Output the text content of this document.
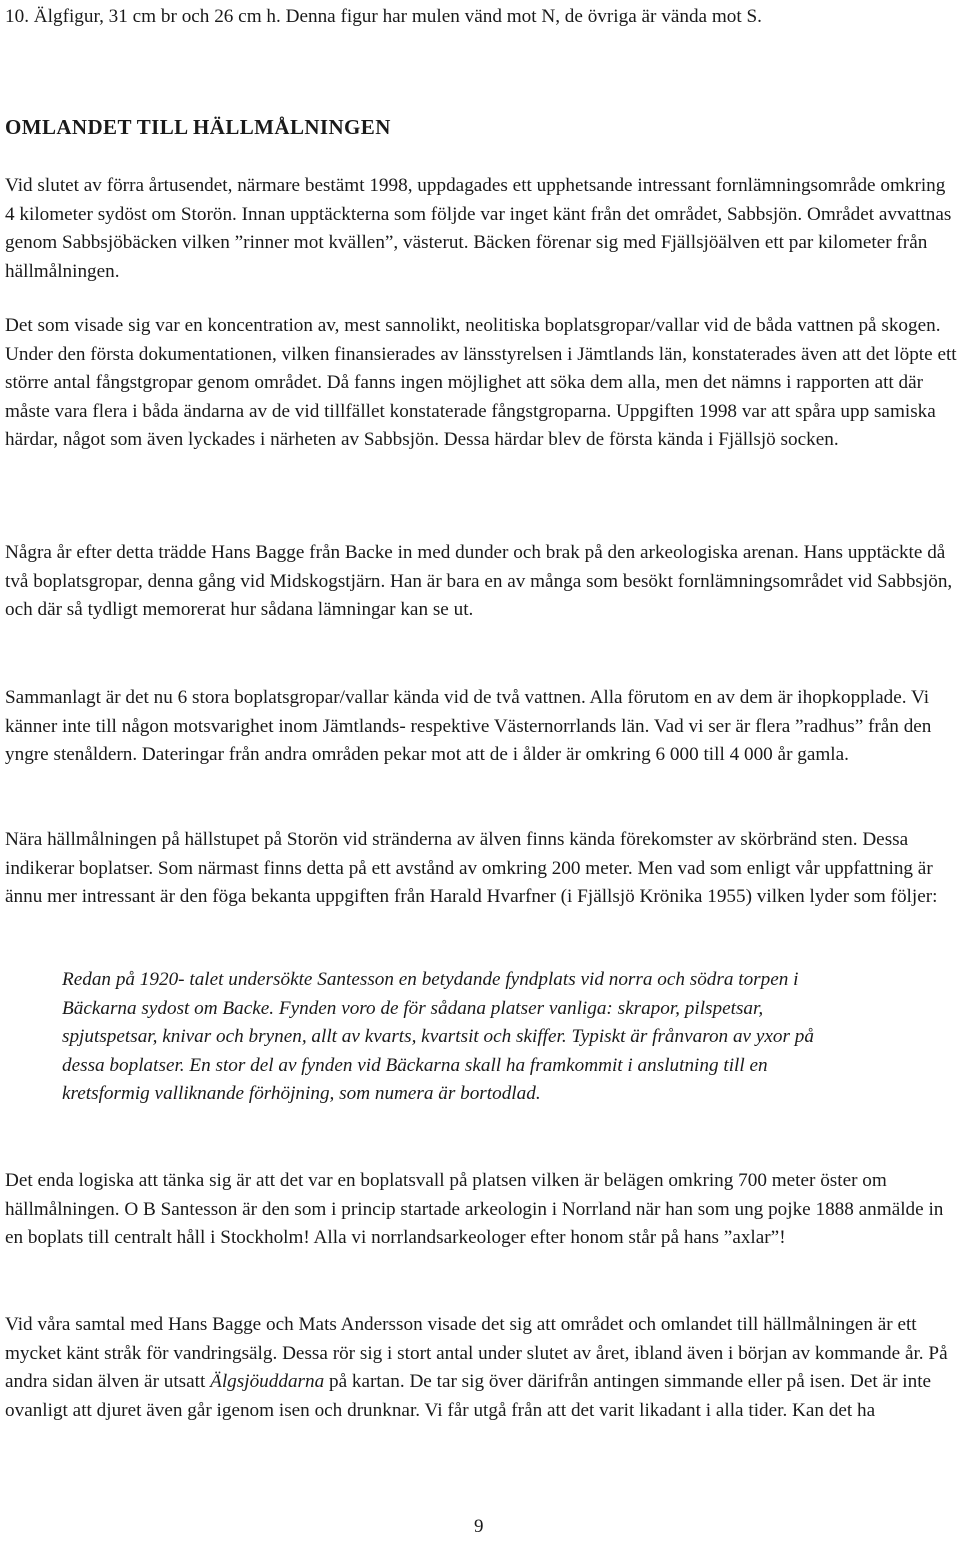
10. Älgfigur, 31 cm br och 26 cm h. Denna figur har mulen vänd mot N, de övriga är vända mot S.

OMLANDET TILL HÄLLMÅLNINGEN

Vid slutet av förra årtusendet, närmare bestämt 1998, uppdagades ett upphetsande intressant fornlämningsområde omkring 4 kilometer sydöst om Storön. Innan upptäckterna som följde var inget känt från det området, Sabbsjön. Området avvattnas genom Sabbsjöbäcken vilken ”rinner mot kvällen”, västerut. Bäcken förenar sig med Fjällsjöälven ett par kilometer från hällmålningen.

Det som visade sig var en koncentration av, mest sannolikt, neolitiska boplatsgropar/vallar vid de båda vattnen på skogen. Under den första dokumentationen, vilken finansierades av länsstyrelsen i Jämtlands län, konstaterades även att det löpte ett större antal fångstgropar genom området. Då fanns ingen möjlighet att söka dem alla, men det nämns i rapporten att där måste vara flera i båda ändarna av de vid tillfället konstaterade fångstgroparna. Uppgiften 1998 var att spåra upp samiska härdar, något som även lyckades i närheten av Sabbsjön. Dessa härdar blev de första kända i Fjällsjö socken.

Några år efter detta trädde Hans Bagge från Backe in med dunder och brak på den arkeologiska arenan. Hans upptäckte då två boplatsgropar, denna gång vid Midskogstjärn. Han är bara en av många som besökt fornlämningsområdet vid Sabbsjön, och där så tydligt memorerat hur sådana lämningar kan se ut.

Sammanlagt är det nu 6 stora boplatsgropar/vallar kända vid de två vattnen. Alla förutom en av dem är ihopkopplade. Vi känner inte till någon motsvarighet inom Jämtlands- respektive Västernorrlands län. Vad vi ser är flera ”radhus” från den yngre stenåldern. Dateringar från andra områden pekar mot att de i ålder är omkring 6 000 till 4 000 år gamla.

Nära hällmålningen på hällstupet på Storön vid stränderna av älven finns kända förekomster av skörbränd sten. Dessa indikerar boplatser. Som närmast finns detta på ett avstånd av omkring 200 meter. Men vad som enligt vår uppfattning är ännu mer intressant är den föga bekanta uppgiften från Harald Hvarfner (i Fjällsjö Krönika 1955) vilken lyder som följer:

Redan på 1920- talet undersökte Santesson en betydande fyndplats vid norra och södra torpen i Bäckarna sydost om Backe. Fynden voro de för sådana platser vanliga: skrapor, pilspetsar, spjutspetsar, knivar och brynen, allt av kvarts, kvartsit och skiffer. Typiskt är frånvaron av yxor på dessa boplatser. En stor del av fynden vid Bäckarna skall ha framkommit i anslutning till en kretsformig valliknande förhöjning, som numera är bortodlad.

Det enda logiska att tänka sig är att det var en boplatsvall på platsen vilken är belägen omkring 700 meter öster om hällmålningen. O B Santesson är den som i princip startade arkeologin i Norrland när han som ung pojke 1888 anmälde in en boplats till centralt håll i Stockholm! Alla vi norrlandsarkeologer efter honom står på hans ”axlar”!

Vid våra samtal med Hans Bagge och Mats Andersson visade det sig att området och omlandet till hällmålningen är ett mycket känt stråk för vandringsälg. Dessa rör sig i stort antal under slutet av året, ibland även i början av kommande år. På andra sidan älven är utsatt Älgsjöuddarna på kartan. De tar sig över därifrån antingen simmande eller på isen. Det är inte ovanligt att djuret även går igenom isen och drunknar. Vi får utgå från att det varit likadant i alla tider. Kan det ha

9
